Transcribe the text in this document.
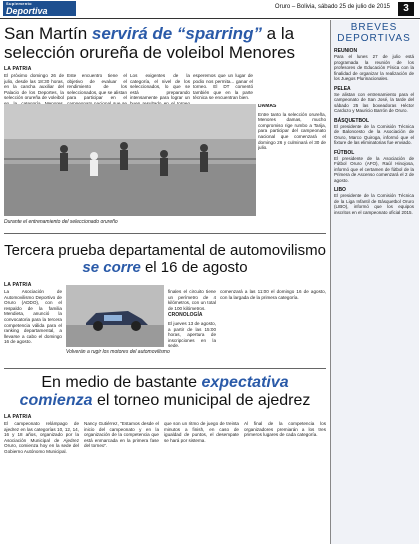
Suplemento
Deportiva	Oruro – Bolivia, sábado 25 de julio de 2015	3
San Martín servirá de “sparring” a la selección orureña de voleibol Menores
LA PATRIA

El próximo domingo 26 de julio, desde las 18:30 horas, en la cancha auxiliar del Palacio de los Deportes, la selección orureña de voleibol

Este encuentro tiene el objetivo de evaluar el rendimiento de los seleccionados, que se alistan para participar en el

Los exigentes de la categoría, el nivel de los seleccionados, lo que se está preparando intensamente para lograr un

esperemos que un lugar de podio nos permita... ganar el torneo. El DT comentó también que en la parte técnica se encuentran bien.

Durante el entrenamiento del seleccionado orureño

DAMAS

Entre tanto la selección orureña, Menores damas, mucho compromiso rige rumbo a Tarija, para participar del campeonato nacional que comenzará el domingo 26 y culminará el 30 de julio.

Tercera prueba departamental de automovilismo se corre el 16 de agosto
LA PATRIA

La Asociación de Automovilismo Deportivo de Oruro (ADDO), con el respaldo de la familia Mendieta, anunció la convocatoria para la tercera competencia válida para el ranking departamental, a llevarse a cabo el domingo 16 de agosto.

Volverán a rugir los motores del automovilismo

finales el circuito tiene un perímetro de 4 kilómetros, con un total de 100 kilómetros.

CRONOLOGÍA

El jueves 13 de agosto, a partir de las 15:00 horas, apertura de inscripciones en la sede.

comenzará a las 11:00 el domingo 16 de agosto, con la largada de la primera categoría.

En medio de bastante expectativa
comienza el torneo municipal de ajedrez
LA PATRIA

El campeonato relámpago de ajedrez en las categorías 10, 12, 14, 16 y 18 años, organizado por la Asociación Municipal de Ajedrez Oruro, comienza hoy en la sede del Gobierno Autónomo Municipal.

Nancy Gutiérrez, "Estamos desde el inicio del campeonato y en la organización de la competencia que está enmarcada en la primera fase del torneo".

que son un ritmo de juego de treinta minutos a finish, en caso de igualdad de puntos, el desempate se hará por sistema.

Al final de la competencia los organizadores premiarán a los tres primeros lugares de cada categoría.

BREVES DEPORTIVAS
REUNIÓN
Para el lunes 27 de julio está programada la reunión de los profesores de Educación Física con la finalidad de organizar la realización de los Juegos Plurinacionales.
PELEA
Se alistan con entrenamiento para el campeonato de San José, la tarde del sábado 25 las boxeadoras Héctor Cardozo y Mauricio Barrón de Oruro.
BÁSQUETBOL
El presidente de la Comisión Técnica de Baloncesto de la Asociación de Oruro, Marco Quiroga, informó que el fixture de las eliminatorias fue enviado.
FÚTBOL
El presidente de la Asociación de Fútbol Oruro (AFO), Raúl Hinojosa, informó que el certamen de fútbol de la Primera de Ascenso comenzará el 2 de agosto.
LIBO
El presidente de la Comisión Técnica de la Liga Infantil de Básquetbol Oruro (LIBO), informó que los equipos inscritos en el campeonato oficial 2015.
